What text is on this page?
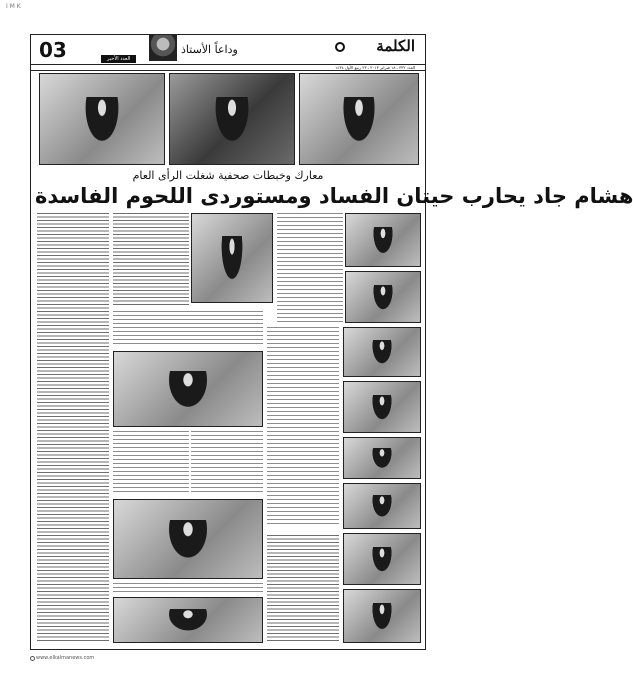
I M K
03	العدد الأخير
وداعاً الأستاذ	الكلمة
العدد ٣٣٢ ـ ١٨ فبراير ٢٠١٣ ـ ٢٣ ربيع الأول ١٤٣٤
معارك وخبطات صحفية شغلت الرأى العام
هشام جاد يحارب حيتان الفساد ومستوردى اللحوم الفاسدة
www.elkalmanews.com
